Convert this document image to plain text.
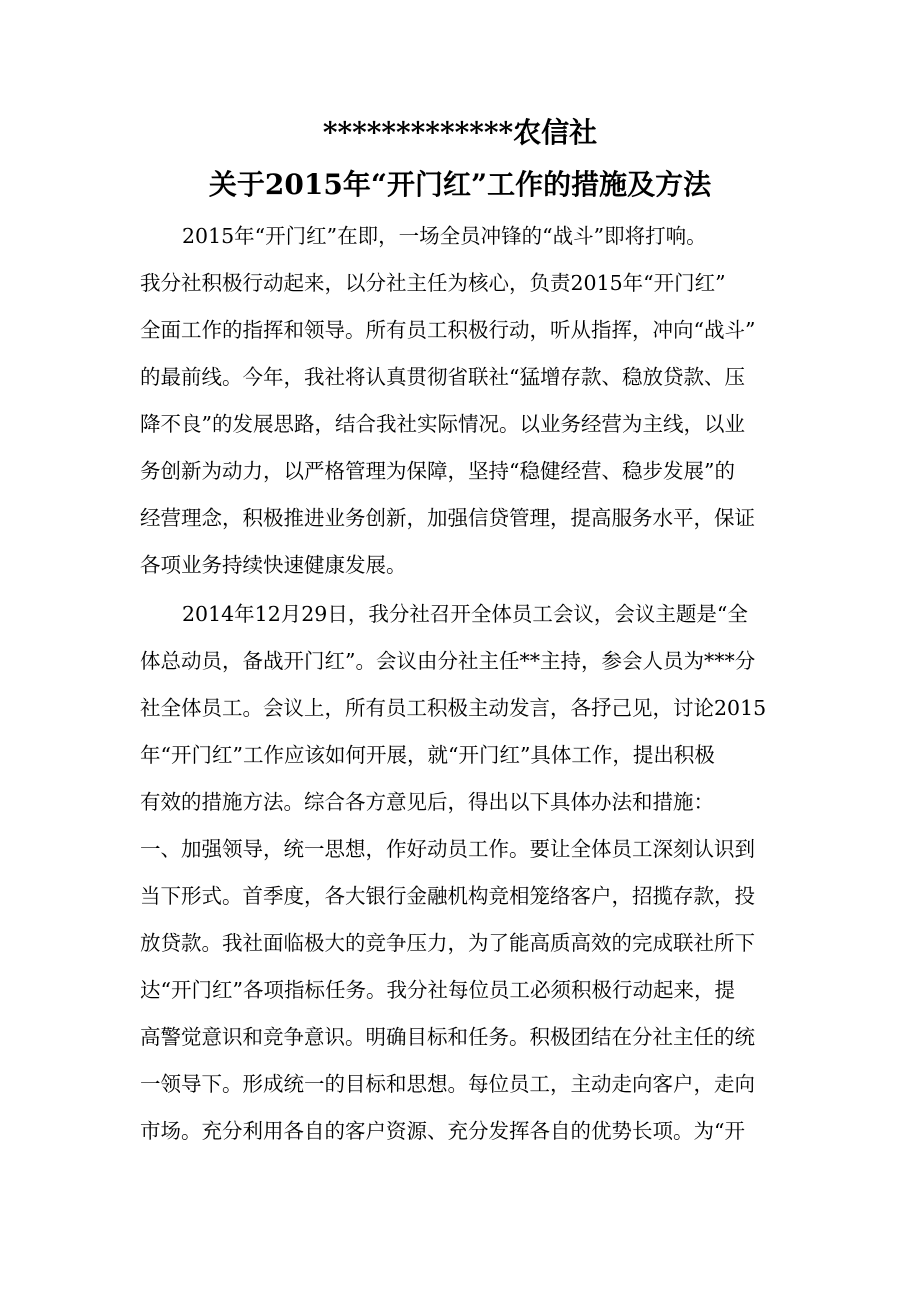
*************农信社
关于2015年“开门红”工作的措施及方法
2015年“开门红”在即，一场全员冲锋的“战斗”即将打响。
我分社积极行动起来，以分社主任为核心，负责2015年“开门红”
全面工作的指挥和领导。所有员工积极行动，听从指挥，冲向“战斗”
的最前线。今年，我社将认真贯彻省联社“猛增存款、稳放贷款、压
降不良”的发展思路，结合我社实际情况。以业务经营为主线，以业
务创新为动力，以严格管理为保障，坚持“稳健经营、稳步发展”的
经营理念，积极推进业务创新，加强信贷管理，提高服务水平，保证
各项业务持续快速健康发展。
2014年12月29日，我分社召开全体员工会议，会议主题是“全
体总动员，备战开门红”。会议由分社主任**主持，参会人员为***分
社全体员工。会议上，所有员工积极主动发言，各抒己见，讨论2015
年“开门红”工作应该如何开展，就“开门红”具体工作，提出积极
有效的措施方法。综合各方意见后，得出以下具体办法和措施：
一、加强领导，统一思想，作好动员工作。要让全体员工深刻认识到
当下形式。首季度，各大银行金融机构竞相笼络客户，招揽存款，投
放贷款。我社面临极大的竞争压力，为了能高质高效的完成联社所下
达“开门红”各项指标任务。我分社每位员工必须积极行动起来，提
高警觉意识和竞争意识。明确目标和任务。积极团结在分社主任的统
一领导下。形成统一的目标和思想。每位员工，主动走向客户，走向
市场。充分利用各自的客户资源、充分发挥各自的优势长项。为“开
